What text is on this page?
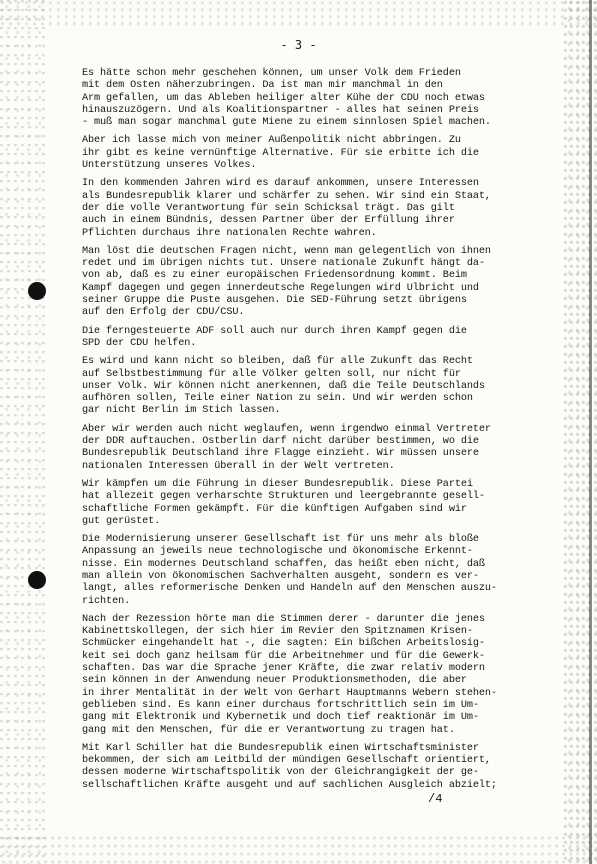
- 3 -

Es hätte schon mehr geschehen können, um unser Volk dem Frieden
mit dem Osten näherzubringen. Da ist man mir manchmal in den
Arm gefallen, um das Ableben heiliger alter Kühe der CDU noch etwas
hinauszuzögern. Und als Koalitionspartner - alles hat seinen Preis
- muß man sogar manchmal gute Miene zu einem sinnlosen Spiel machen.

Aber ich lasse mich von meiner Außenpolitik nicht abbringen. Zu
ihr gibt es keine vernünftige Alternative. Für sie erbitte ich die
Unterstützung unseres Volkes.

In den kommenden Jahren wird es darauf ankommen, unsere Interessen
als Bundesrepublik klarer und schärfer zu sehen. Wir sind ein Staat,
der die volle Verantwortung für sein Schicksal trägt. Das gilt
auch in einem Bündnis, dessen Partner über der Erfüllung ihrer
Pflichten durchaus ihre nationalen Rechte wahren.

Man löst die deutschen Fragen nicht, wenn man gelegentlich von ihnen
redet und im übrigen nichts tut. Unsere nationale Zukunft hängt da-
von ab, daß es zu einer europäischen Friedensordnung kommt. Beim
Kampf dagegen und gegen innerdeutsche Regelungen wird Ulbricht und
seiner Gruppe die Puste ausgehen. Die SED-Führung setzt übrigens
auf den Erfolg der CDU/CSU.

Die ferngesteuerte ADF soll auch nur durch ihren Kampf gegen die
SPD der CDU helfen.

Es wird und kann nicht so bleiben, daß für alle Zukunft das Recht
auf Selbstbestimmung für alle Völker gelten soll, nur nicht für
unser Volk. Wir können nicht anerkennen, daß die Teile Deutschlands
aufhören sollen, Teile einer Nation zu sein. Und wir werden schon
gar nicht Berlin im Stich lassen.

Aber wir werden auch nicht weglaufen, wenn irgendwo einmal Vertreter
der DDR auftauchen. Ostberlin darf nicht darüber bestimmen, wo die
Bundesrepublik Deutschland ihre Flagge einzieht. Wir müssen unsere
nationalen Interessen überall in der Welt vertreten.

Wir kämpfen um die Führung in dieser Bundesrepublik. Diese Partei
hat allezeit gegen verharschte Strukturen und leergebrannte gesell-
schaftliche Formen gekämpft. Für die künftigen Aufgaben sind wir
gut gerüstet.

Die Modernisierung unserer Gesellschaft ist für uns mehr als bloße
Anpassung an jeweils neue technologische und ökonomische Erkennt-
nisse. Ein modernes Deutschland schaffen, das heißt eben nicht, daß
man allein von ökonomischen Sachverhalten ausgeht, sondern es ver-
langt, alles reformerische Denken und Handeln auf den Menschen auszu-
richten.

Nach der Rezession hörte man die Stimmen derer - darunter die jenes
Kabinettskollegen, der sich hier im Revier den Spitznamen Krisen-
Schmücker eingehandelt hat -, die sagten: Ein bißchen Arbeitslosig-
keit sei doch ganz heilsam für die Arbeitnehmer und für die Gewerk-
schaften. Das war die Sprache jener Kräfte, die zwar relativ modern
sein können in der Anwendung neuer Produktionsmethoden, die aber
in ihrer Mentalität in der Welt von Gerhart Hauptmanns Webern stehen-
geblieben sind. Es kann einer durchaus fortschrittlich sein im Um-
gang mit Elektronik und Kybernetik und doch tief reaktionär im Um-
gang mit den Menschen, für die er Verantwortung zu tragen hat.

Mit Karl Schiller hat die Bundesrepublik einen Wirtschaftsminister
bekommen, der sich am Leitbild der mündigen Gesellschaft orientiert,
dessen moderne Wirtschaftspolitik von der Gleichrangigkeit der ge-
sellschaftlichen Kräfte ausgeht und auf sachlichen Ausgleich abzielt;

/4
